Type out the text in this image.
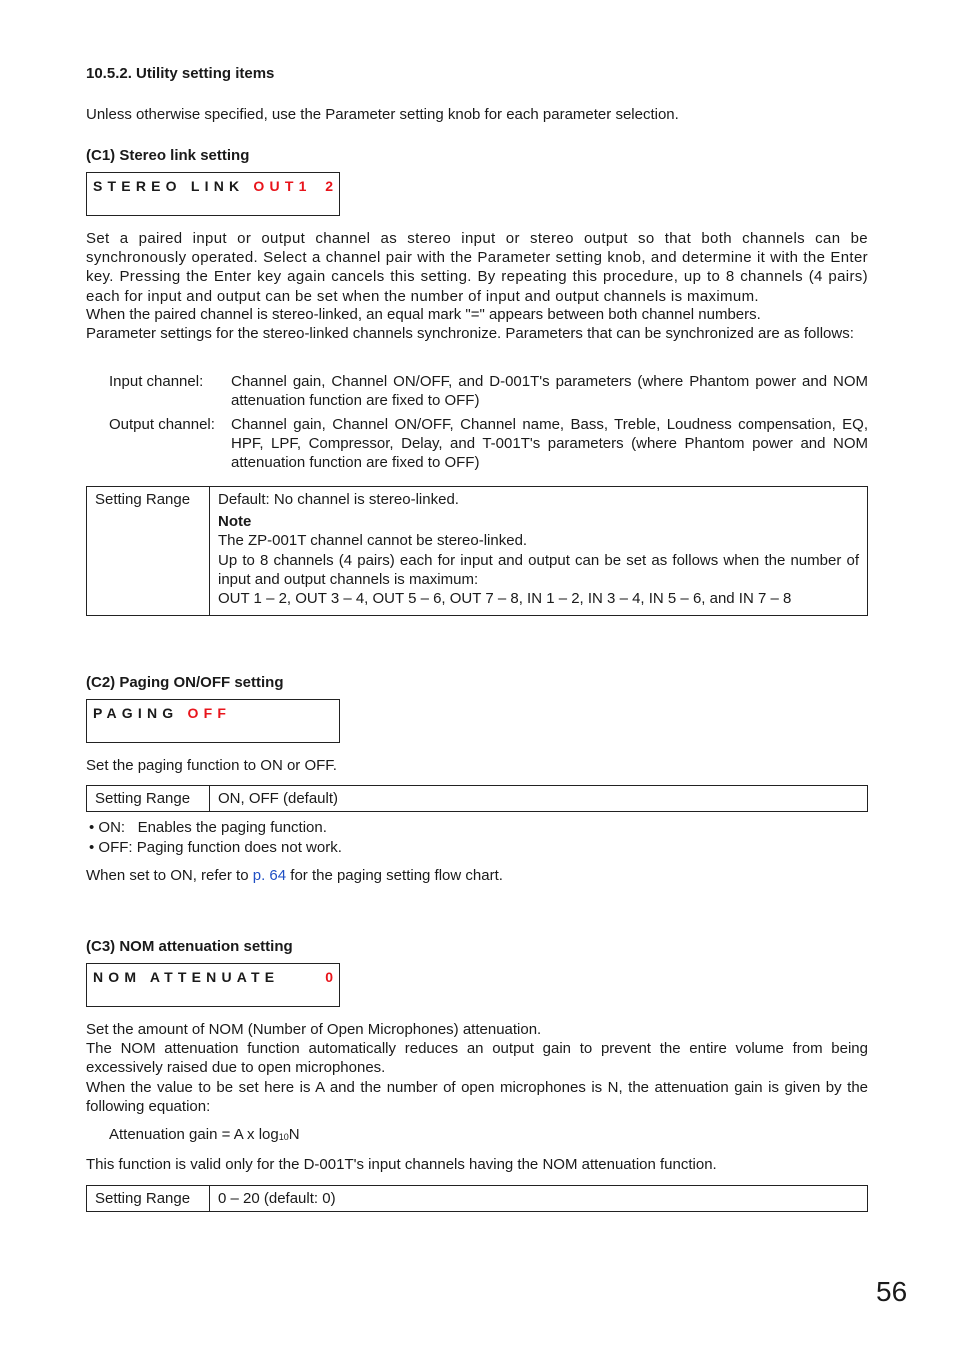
10.5.2. Utility setting items
Unless otherwise specified, use the Parameter setting knob for each parameter selection.
(C1) Stereo link setting
STEREO LINK OUT1 2
Set a paired input or output channel as stereo input or stereo output so that both channels can be synchronously operated. Select a channel pair with the Parameter setting knob, and determine it with the Enter key. Pressing the Enter key again cancels this setting. By repeating this procedure, up to 8 channels (4 pairs) each for input and output can be set when the number of input and output channels is maximum.
When the paired channel is stereo-linked, an equal mark "=" appears between both channel numbers.
Parameter settings for the stereo-linked channels synchronize. Parameters that can be synchronized are as follows:
Input channel:	Channel gain, Channel ON/OFF, and D-001T's parameters (where Phantom power and NOM attenuation function are fixed to OFF)
Output channel:	Channel gain, Channel ON/OFF, Channel name, Bass, Treble, Loudness compensation, EQ, HPF, LPF, Compressor, Delay, and T-001T's parameters (where Phantom power and NOM attenuation function are fixed to OFF)
Setting Range	Default: No channel is stereo-linked.
Note
The ZP-001T channel cannot be stereo-linked.
Up to 8 channels (4 pairs) each for input and output can be set as follows when the number of input and output channels is maximum:
OUT 1 – 2, OUT 3 – 4, OUT 5 – 6, OUT 7 – 8, IN 1 – 2, IN 3 – 4, IN 5 – 6, and IN 7 – 8
(C2) Paging ON/OFF setting
PAGING OFF
Set the paging function to ON or OFF.
Setting Range	ON, OFF (default)
• ON:   Enables the paging function.
• OFF: Paging function does not work.
When set to ON, refer to p. 64 for the paging setting flow chart.
(C3) NOM attenuation setting
NOM ATTENUATE	0
Set the amount of NOM (Number of Open Microphones) attenuation.
The NOM attenuation function automatically reduces an output gain to prevent the entire volume from being excessively raised due to open microphones.
When the value to be set here is A and the number of open microphones is N, the attenuation gain is given by the following equation:
Attenuation gain = A x $\log_{10}N$
This function is valid only for the D-001T's input channels having the NOM attenuation function.
Setting Range	0 – 20 (default: 0)
56
